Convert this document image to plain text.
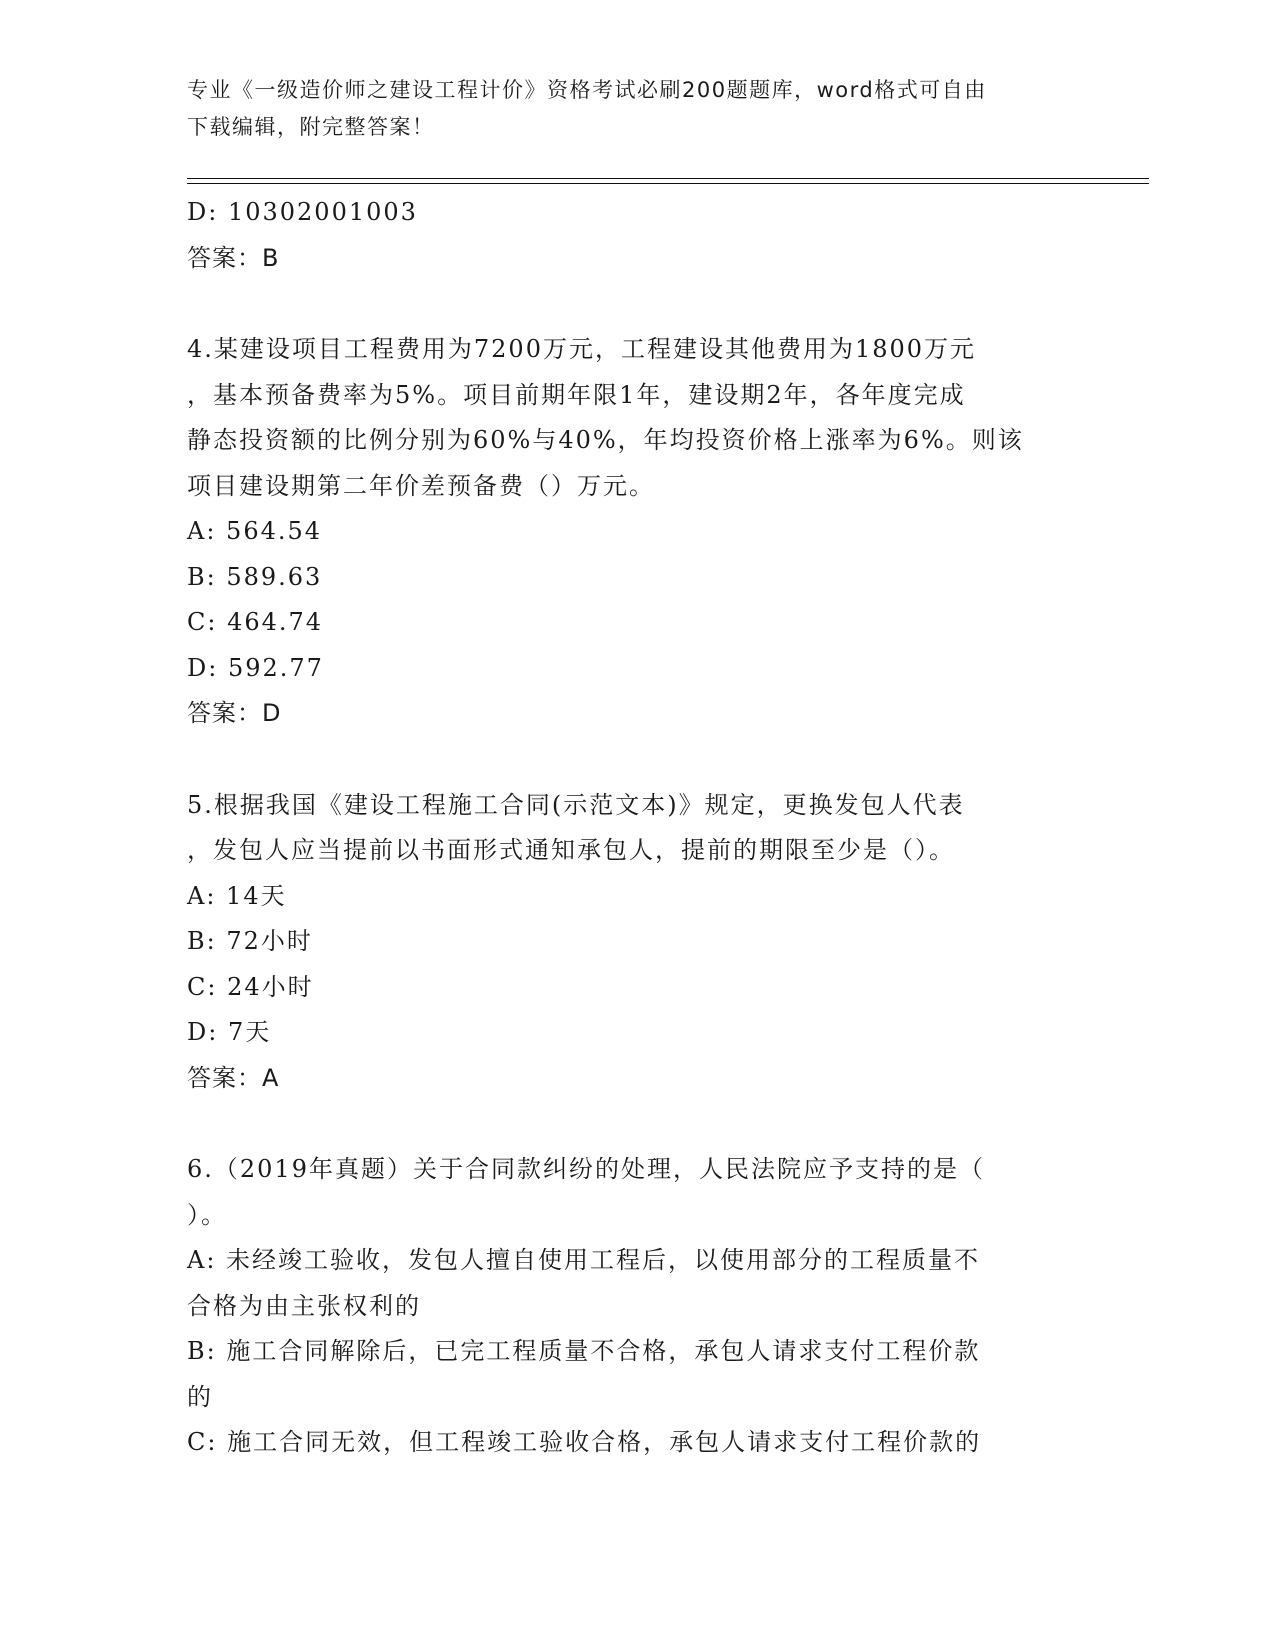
专业《一级造价师之建设工程计价》资格考试必刷200题题库，word格式可自由
下载编辑，附完整答案！
D: 10302001003
答案：B
4.某建设项目工程费用为7200万元，工程建设其他费用为1800万元
，基本预备费率为5%。项目前期年限1年，建设期2年，各年度完成
静态投资额的比例分别为60%与40%，年均投资价格上涨率为6%。则该
项目建设期第二年价差预备费（）万元。
A: 564.54
B: 589.63
C: 464.74
D: 592.77
答案：D
5.根据我国《建设工程施工合同(示范文本)》规定，更换发包人代表
，发包人应当提前以书面形式通知承包人，提前的期限至少是（）。
A: 14天
B: 72小时
C: 24小时
D: 7天
答案：A
6.（2019年真题）关于合同款纠纷的处理，人民法院应予支持的是（
）。
A: 未经竣工验收，发包人擅自使用工程后，以使用部分的工程质量不
合格为由主张权利的
B: 施工合同解除后，已完工程质量不合格，承包人请求支付工程价款
的
C: 施工合同无效，但工程竣工验收合格，承包人请求支付工程价款的
